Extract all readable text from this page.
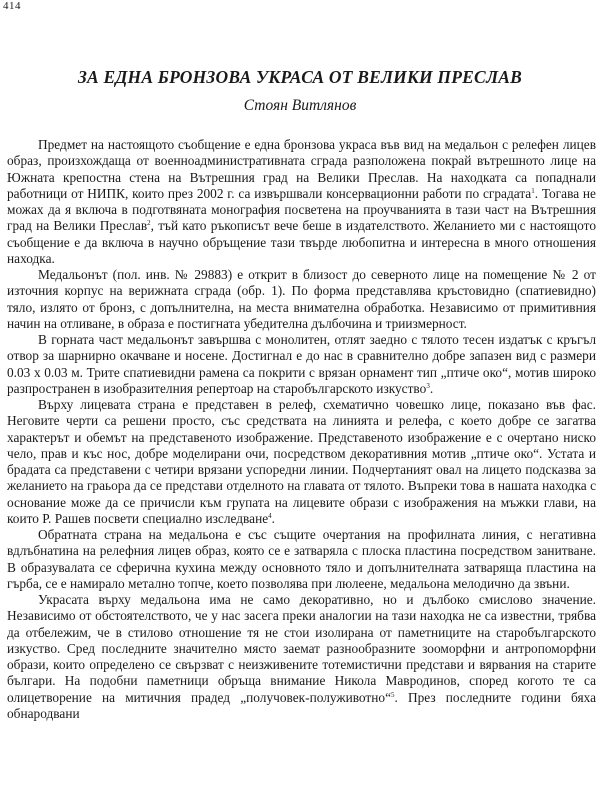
414
ЗА ЕДНА БРОНЗОВА УКРАСА ОТ ВЕЛИКИ ПРЕСЛАВ
Стоян Витлянов

Предмет на настоящото съобщение е една бронзова украса във вид на медальон с релефен лицев образ, произхождаща от военноадминистративната сграда разположена покрай вътрешното лице на Южната крепостна стена на Вътрешния град на Велики Преслав. На находката са попаднали работници от НИПК, които през 2002 г. са извършвали консервационни работи по сградата$^1$. Тогава не можах да я включа в подготвяната монография посветена на проучванията в тази част на Вътрешния град на Велики Преслав$^2$, тъй като ръкописът вече беше в издателството. Желанието ми с настоящото съобщение е да включа в научно обръщение тази твърде любопитна и интересна в много отношения находка.

Медальонът (пол. инв. № 29883) е открит в близост до северното лице на помещение № 2 от източния корпус на верижната сграда (обр. 1). По форма представлява кръстовидно (спатиевидно) тяло, излято от бронз, с допълнителна, на места внимателна обработка. Независимо от примитивния начин на отливане, в образа е постигната убедителна дълбочина и триизмерност.

В горната част медальонът завършва с монолитен, отлят заедно с тялото тесен издатък с кръгъл отвор за шарнирно окачване и носене. Достигнал е до нас в сравнително добре запазен вид с размери 0.03 х 0.03 м. Трите спатиевидни рамена са покрити с врязан орнамент тип „птиче око“, мотив широко разпространен в изобразителния репертоар на старобългарското изкуство$^3$.

Върху лицевата страна е представен в релеф, схематично човешко лице, показано във фас. Неговите черти са решени просто, със средствата на линията и релефа, с което добре се загатва характерът и обемът на представеното изображение. Представеното изображение е с очертано ниско чело, прав и къс нос, добре моделирани очи, посредством декоративния мотив „птиче око“. Устата и брадата са представени с четири врязани успоредни линии. Подчертаният овал на лицето подсказва за желанието на граьора да се представи отделното на главата от тялото. Въпреки това в нашата находка с основание може да се причисли към групата на лицевите образи с изображения на мъжки глави, на които Р. Рашев посвети специално изследване$^4$.

Обратната страна на медальона е със същите очертания на профилната линия, с негативна вдлъбнатина на релефния лицев образ, която се е затваряла с плоска пластина посредством занитване. В образувалата се сферична кухина между основното тяло и допълнителната затваряща пластина на гърба, се е намирало метално топче, което позволява при люлеене, медальона мелодично да звъни.

Украсата върху медальона има не само декоративно, но и дълбоко смислово значение. Независимо от обстоятелството, че у нас засега преки аналогии на тази находка не са известни, трябва да отбележим, че в стилово отношение тя не стои изолирана от паметниците на старобългарското изкуство. Сред последните значително място заемат разнообразните зооморфни и антропоморфни образи, които определено се свързват с неизживените тотемистични представи и вярвания на старите българи. На подобни паметници обръща внимание Никола Мавродинов, според когото те са олицетворение на митичния прадед „получовек-полуживотно“$^5$. През последните години бяха обнародвани
